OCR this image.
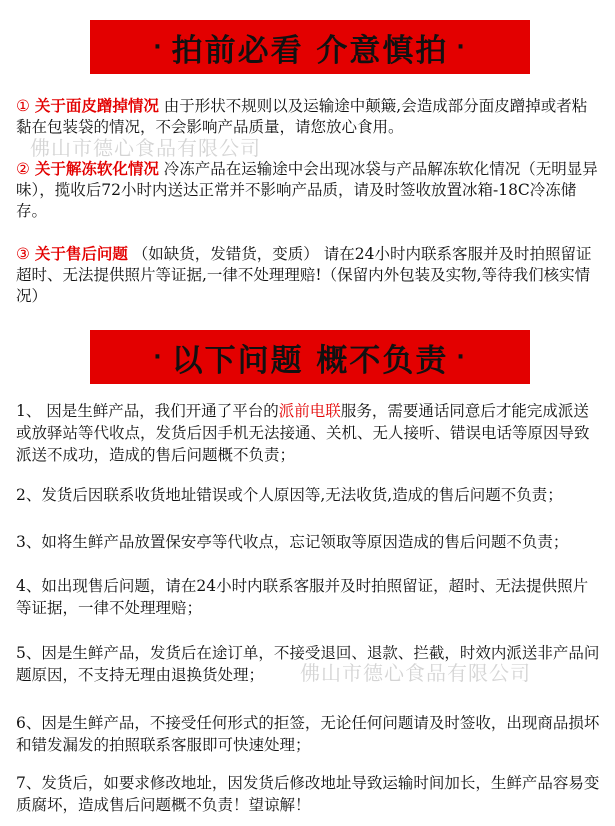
· 拍前必看 介意慎拍 ·
佛山市德心食品有限公司
① 关于面皮蹭掉情况 由于形状不规则以及运输途中颠簸,会造成部分面皮蹭掉或者粘黏在包装袋的情况，不会影响产品质量，请您放心食用。
② 关于解冻软化情况 冷冻产品在运输途中会出现冰袋与产品解冻软化情况（无明显异味），揽收后72小时内送达正常并不影响产品质，请及时签收放置冰箱-18C冷冻储存。
③ 关于售后问题 （如缺货，发错货，变质） 请在24小时内联系客服并及时拍照留证超时、无法提供照片等证据,一律不处理理赔!（保留内外包装及实物,等待我们核实情况）
· 以下问题 概不负责 ·
1、 因是生鲜产品，我们开通了平台的派前电联服务，需要通话同意后才能完成派送或放驿站等代收点，发货后因手机无法接通、关机、无人接听、错误电话等原因导致派送不成功，造成的售后问题概不负责；
2、发货后因联系收货地址错误或个人原因等,无法收货,造成的售后问题不负责；
3、如将生鲜产品放置保安亭等代收点，忘记领取等原因造成的售后问题不负责；
4、如出现售后问题，请在24小时内联系客服并及时拍照留证，超时、无法提供照片等证据，一律不处理理赔；
5、因是生鲜产品，发货后在途订单，不接受退回、退款、拦截，时效内派送非产品问题原因，不支持无理由退换货处理；	佛山市德心食品有限公司
6、因是生鲜产品，不接受任何形式的拒签，无论任何问题请及时签收，出现商品损坏和错发漏发的拍照联系客服即可快速处理；
7、发货后，如要求修改地址，因发货后修改地址导致运输时间加长，生鲜产品容易变质腐坏，造成售后问题概不负责！望谅解！
